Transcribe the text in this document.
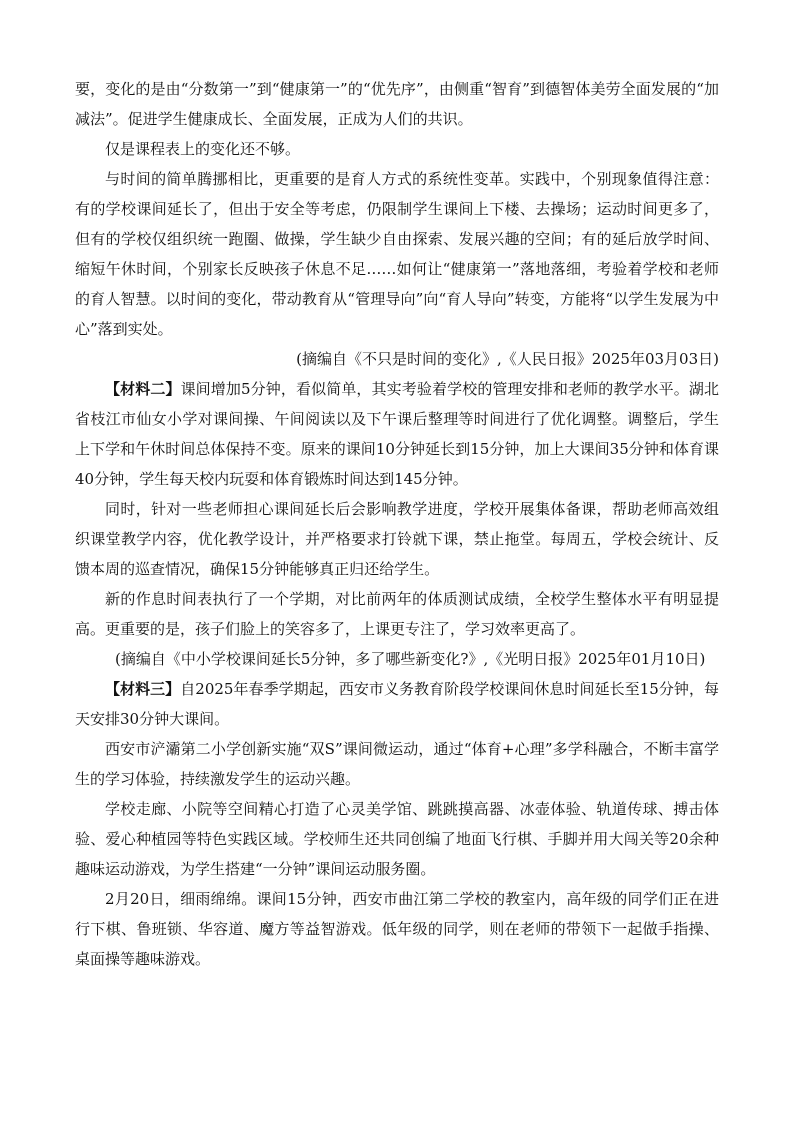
要，变化的是由“分数第一”到“健康第一”的“优先序”，由侧重“智育”到德智体美劳全面发展的“加减法”。促进学生健康成长、全面发展，正成为人们的共识。

仅是课程表上的变化还不够。

与时间的简单腾挪相比，更重要的是育人方式的系统性变革。实践中，个别现象值得注意：有的学校课间延长了，但出于安全等考虑，仍限制学生课间上下楼、去操场；运动时间更多了，但有的学校仅组织统一跑圈、做操，学生缺少自由探索、发展兴趣的空间；有的延后放学时间、缩短午休时间，个别家长反映孩子休息不足……如何让“健康第一”落地落细，考验着学校和老师的育人智慧。以时间的变化，带动教育从“管理导向”向“育人导向”转变，方能将“以学生发展为中心”落到实处。

(摘编自《不只是时间的变化》,《人民日报》2025年03月03日)

【材料二】课间增加5分钟，看似简单，其实考验着学校的管理安排和老师的教学水平。湖北省枝江市仙女小学对课间操、午间阅读以及下午课后整理等时间进行了优化调整。调整后，学生上下学和午休时间总体保持不变。原来的课间10分钟延长到15分钟，加上大课间35分钟和体育课40分钟，学生每天校内玩耍和体育锻炼时间达到145分钟。

同时，针对一些老师担心课间延长后会影响教学进度，学校开展集体备课，帮助老师高效组织课堂教学内容，优化教学设计，并严格要求打铃就下课，禁止拖堂。每周五，学校会统计、反馈本周的巡查情况，确保15分钟能够真正归还给学生。

新的作息时间表执行了一个学期，对比前两年的体质测试成绩，全校学生整体水平有明显提高。更重要的是，孩子们脸上的笑容多了，上课更专注了，学习效率更高了。

(摘编自《中小学校课间延长5分钟，多了哪些新变化?》,《光明日报》2025年01月10日)

【材料三】自2025年春季学期起，西安市义务教育阶段学校课间休息时间延长至15分钟，每天安排30分钟大课间。

西安市浐灞第二小学创新实施“双S”课间微运动，通过“体育+心理”多学科融合，不断丰富学生的学习体验，持续激发学生的运动兴趣。

学校走廊、小院等空间精心打造了心灵美学馆、跳跳摸高器、冰壶体验、轨道传球、搏击体验、爱心种植园等特色实践区域。学校师生还共同创编了地面飞行棋、手脚并用大闯关等20余种趣味运动游戏，为学生搭建“一分钟”课间运动服务圈。

2月20日，细雨绵绵。课间15分钟，西安市曲江第二学校的教室内，高年级的同学们正在进行下棋、鲁班锁、华容道、魔方等益智游戏。低年级的同学，则在老师的带领下一起做手指操、桌面操等趣味游戏。
